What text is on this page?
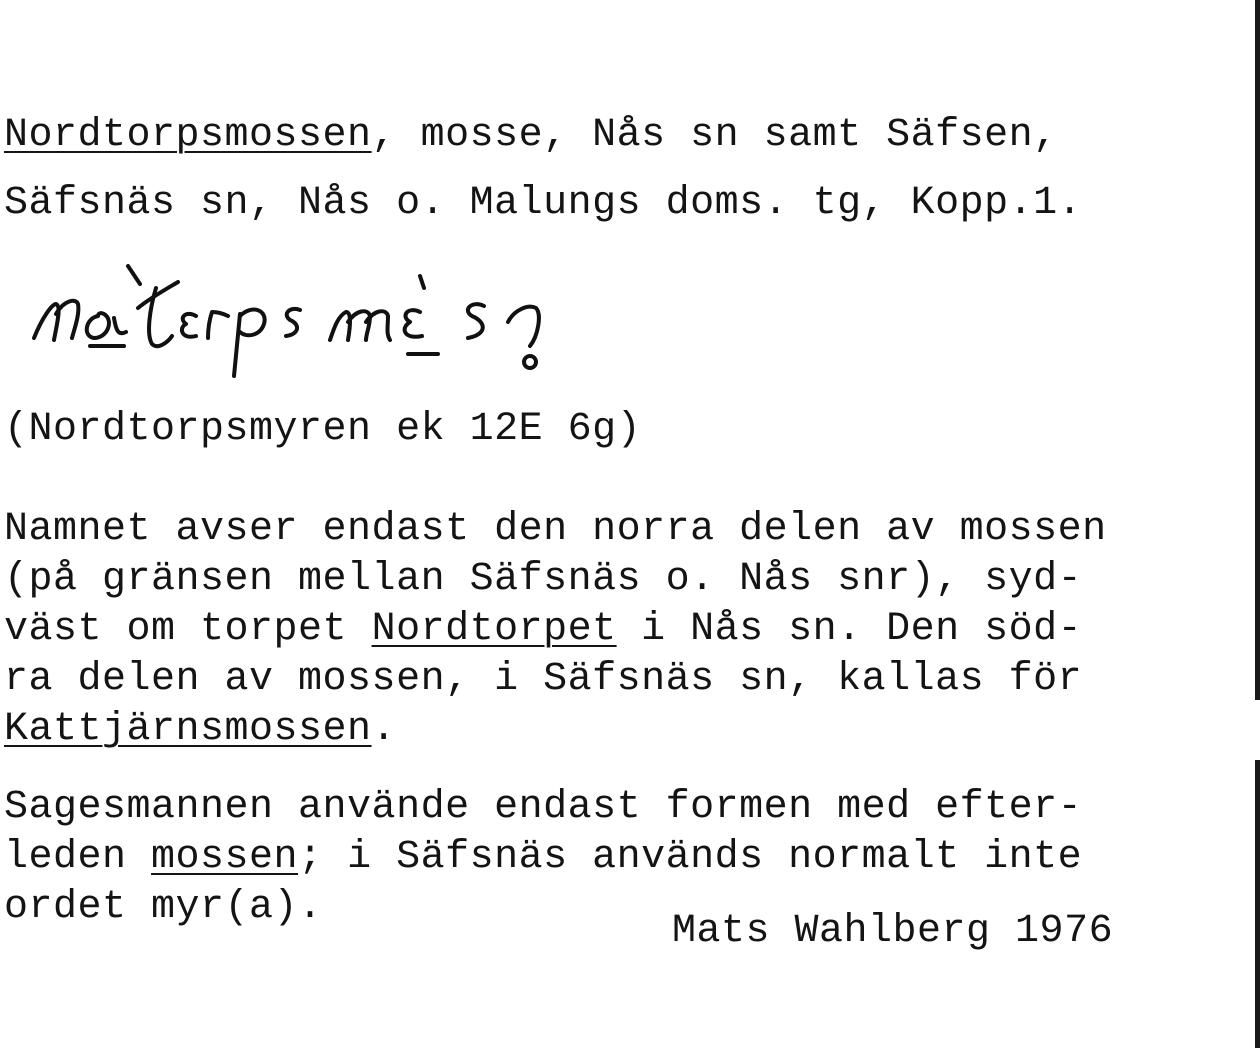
Nordtorpsmossen, mosse, Nås sn samt Säfsen,
Säfsnäs sn, Nås o. Malungs doms. tg, Kopp.1.
(Nordtorpsmyren ek 12E 6g)
Namnet avser endast den norra delen av mossen
(på gränsen mellan Säfsnäs o. Nås snr), syd-
väst om torpet Nordtorpet i Nås sn. Den söd-
ra delen av mossen, i Säfsnäs sn, kallas för
Kattjärnsmossen.
Sagesmannen använde endast formen med efter-
leden mossen; i Säfsnäs används normalt inte
ordet myr(a).
Mats Wahlberg 1976
